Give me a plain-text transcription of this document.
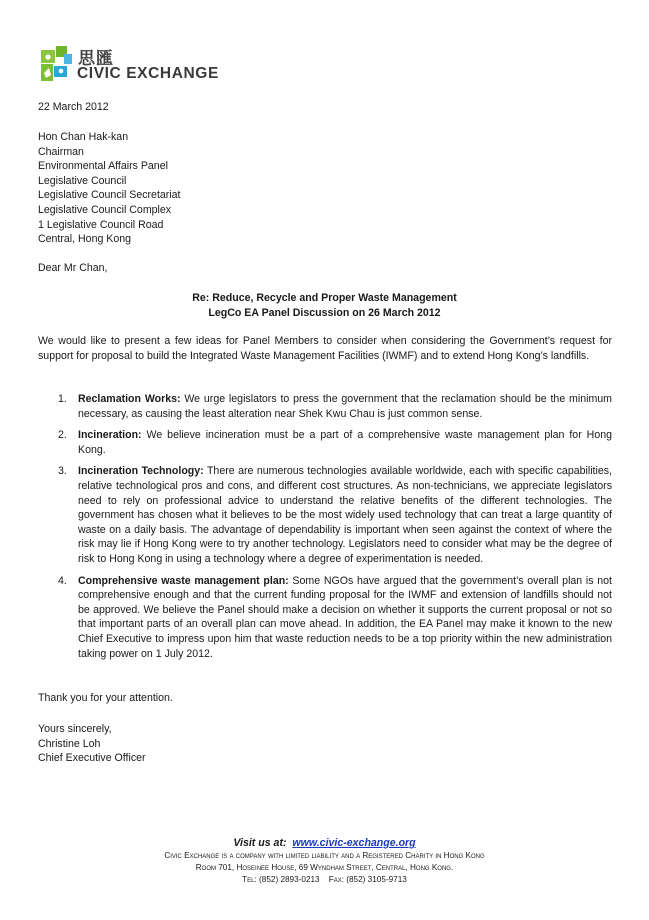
思匯
CIVIC EXCHANGE
22 March 2012
Hon Chan Hak-kan
Chairman
Environmental Affairs Panel
Legislative Council
Legislative Council Secretariat
Legislative Council Complex
1 Legislative Council Road
Central, Hong Kong
Dear Mr Chan,
Re: Reduce, Recycle and Proper Waste Management
LegCo EA Panel Discussion on 26 March 2012
We would like to present a few ideas for Panel Members to consider when considering the Government’s request for support for proposal to build the Integrated Waste Management Facilities (IWMF) and to extend Hong Kong’s landfills.
1. Reclamation Works: We urge legislators to press the government that the reclamation should be the minimum necessary, as causing the least alteration near Shek Kwu Chau is just common sense.
2. Incineration: We believe incineration must be a part of a comprehensive waste management plan for Hong Kong.
3. Incineration Technology: There are numerous technologies available worldwide, each with specific capabilities, relative technological pros and cons, and different cost structures. As non-technicians, we appreciate legislators need to rely on professional advice to understand the relative benefits of the different technologies. The government has chosen what it believes to be the most widely used technology that can treat a large quantity of waste on a daily basis. The advantage of dependability is important when seen against the context of where the risk may lie if Hong Kong were to try another technology. Legislators need to consider what may be the degree of risk to Hong Kong in using a technology where a degree of experimentation is needed.
4. Comprehensive waste management plan: Some NGOs have argued that the government’s overall plan is not comprehensive enough and that the current funding proposal for the IWMF and extension of landfills should not be approved. We believe the Panel should make a decision on whether it supports the current proposal or not so that important parts of an overall plan can move ahead. In addition, the EA Panel may make it known to the new Chief Executive to impress upon him that waste reduction needs to be a top priority within the new administration taking power on 1 July 2012.
Thank you for your attention.
Yours sincerely,
Christine Loh
Chief Executive Officer
Visit us at: www.civic-exchange.org
Civic Exchange is a company with limited liability and a Registered Charity in Hong Kong
Room 701, Hoseinee House, 69 Wyndham Street, Central, Hong Kong.
Tel: (852) 2893-0213 Fax: (852) 3105-9713
